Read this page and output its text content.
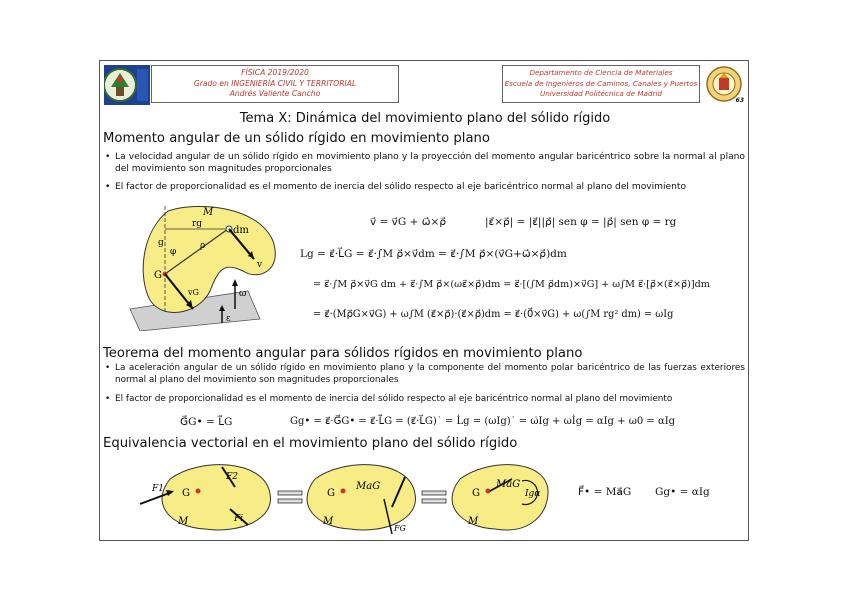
FÍSICA 2019/2020
Grado en INGENIERÍA CIVIL Y TERRITORIAL
Andrés Valiente Cancho
Departamento de Ciencia de Materiales
Escuela de Ingenieros de Caminos, Canales y Puertos
Universidad Politécnica de Madrid
63
Tema X: Dinámica del movimiento plano del sólido rígido
Momento angular de un sólido rígido en movimiento plano
• La velocidad angular de un sólido rígido en movimiento plano y la proyección del momento angular baricéntrico sobre la normal al plano del movimiento son magnitudes proporcionales
• El factor de proporcionalidad es el momento de inercia del sólido respecto al eje baricéntrico normal al plano del movimiento
M
dm
rg
g
φ
ρ
G
v
vG	ω
ε
v⃗ = v⃗G + ω⃗×ρ⃗	|ε⃗×ρ⃗| = |ε⃗||ρ⃗| sen φ = |ρ⃗| sen φ = rg
Lg = ε⃗·L⃗G = ε⃗·∫M ρ⃗×v⃗dm = ε⃗·∫M ρ⃗×(v⃗G+ω⃗×ρ⃗)dm
= ε⃗·∫M ρ⃗×v⃗G dm + ε⃗·∫M ρ⃗×(ωε⃗×ρ⃗)dm = ε⃗·[(∫M ρ⃗dm)×v⃗G] + ω∫M ε⃗·[ρ⃗×(ε⃗×ρ⃗)]dm
= ε⃗·(Mρ⃗G×v⃗G) + ω∫M (ε⃗×ρ⃗)·(ε⃗×ρ⃗)dm = ε⃗·(0⃗×v⃗G) + ω(∫M rg² dm) = ωIg
Teorema del momento angular para sólidos rígidos en movimiento plano
• La aceleración angular de un sólido rígido en movimiento plano y la componente del momento polar baricéntrico de las fuerzas exteriores normal al plano del movimiento son magnitudes proporcionales
• El factor de proporcionalidad es el momento de inercia del sólido respecto al eje baricéntrico normal al plano del movimiento
G⃗G• = L̇⃗G	Gg• = ε⃗·G⃗G• = ε⃗·L̇⃗G = (ε⃗·L⃗G)˙ = L̇g = (ωIg)˙ = ω̇Ig + ωİg = αIg + ω0 = αIg
Equivalencia vectorial en el movimiento plano del sólido rígido
G
M
F1
F2
Fi
G
M
MaG
FG
G
M
MaG
Igα	F⃗• = Ma⃗G Gg• = αIg
